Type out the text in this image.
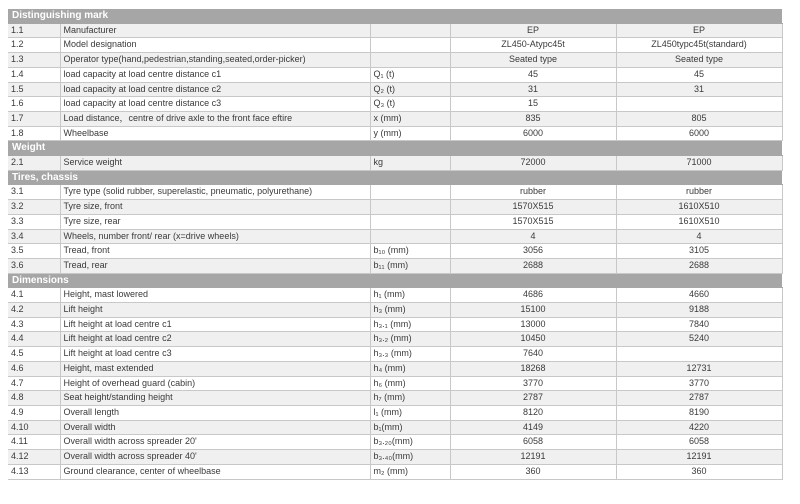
Distinguishing mark				
1.1	Manufacturer		EP	EP
1.2	Model designation		ZL450-Atypc45t	ZL450typc45t(standard)
1.3	Operator type(hand,pedestrian,standing,seated,order-picker)		Seated type	Seated type
1.4	load capacity at load centre distance c1	Q₁ (t)	45	45
1.5	load capacity at load centre distance c2	Q₂ (t)	31	31
1.6	load capacity at load centre distance c3	Q₃ (t)	15	
1.7	Load distance，centre of drive axle to the front face eftire	x (mm)	835	805
1.8	Wheelbase	y (mm)	6000	6000
Weight				
2.1	Service weight	kg	72000	71000
Tires, chassis				
3.1	Tyre type (solid rubber, superelastic, pneumatic, polyurethane)		rubber	rubber
3.2	Tyre size, front		1570X515	1610X510
3.3	Tyre size, rear		1570X515	1610X510
3.4	Wheels, number front/ rear (x=drive wheels)		4	4
3.5	Tread, front	b₁₀ (mm)	3056	3105
3.6	Tread, rear	b₁₁ (mm)	2688	2688
Dimensions				
4.1	Height, mast lowered	h₁ (mm)	4686	4660
4.2	Lift height	h₃ (mm)	15100	9188
4.3	Lift height at load centre c1	h₃.₁ (mm)	13000	7840
4.4	Lift height at load centre c2	h₃.₂ (mm)	10450	5240
4.5	Lift height at load centre c3	h₃.₃ (mm)	7640	
4.6	Height, mast extended	h₄ (mm)	18268	12731
4.7	Height of overhead guard (cabin)	h₆ (mm)	3770	3770
4.8	Seat height/standing height	h₇ (mm)	2787	2787
4.9	Overall length	l₁ (mm)	8120	8190
4.10	Overall width	b₁(mm)	4149	4220
4.11	Overall width across spreader 20'	b₃.₂₀(mm)	6058	6058
4.12	Overall width across spreader 40'	b₃.₄₀(mm)	12191	12191
4.13	Ground clearance, center of wheelbase	m₂ (mm)	360	360
